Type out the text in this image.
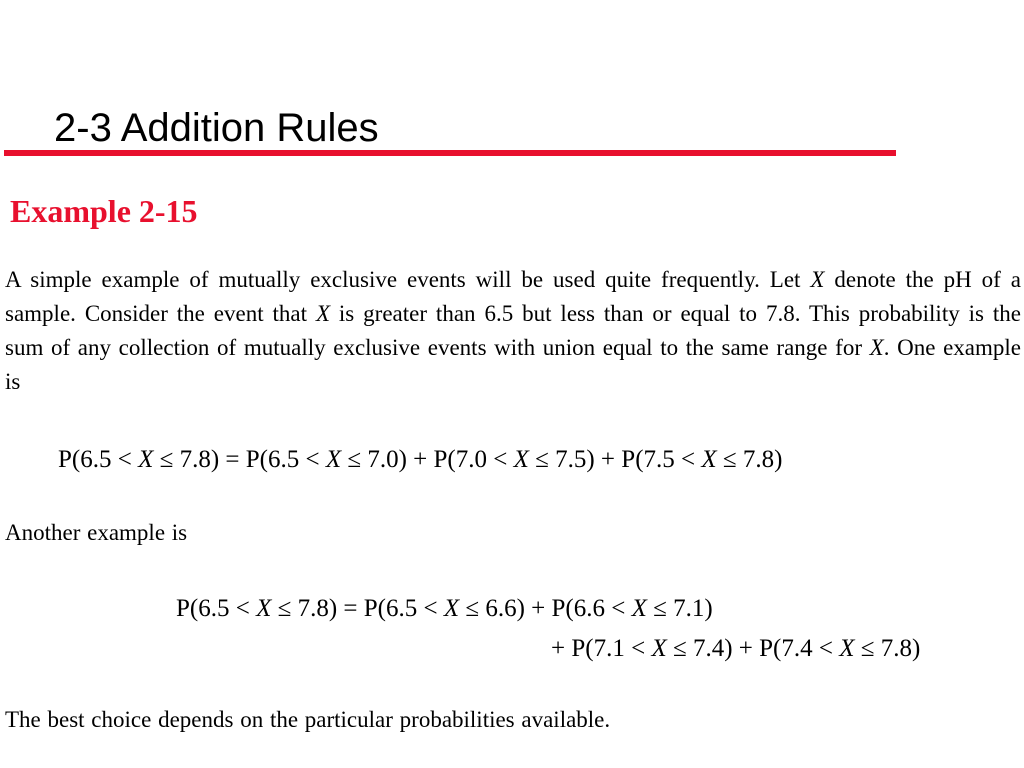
2-3 Addition Rules
Example 2-15

A simple example of mutually exclusive events will be used quite frequently. Let X denote the pH of a sample. Consider the event that X is greater than 6.5 but less than or equal to 7.8. This probability is the sum of any collection of mutually exclusive events with union equal to the same range for X. One example is

P(6.5 < X ≤ 7.8) = P(6.5 < X ≤ 7.0) + P(7.0 < X ≤ 7.5) + P(7.5 < X ≤ 7.8)

Another example is

P(6.5 < X ≤ 7.8) = P(6.5 < X ≤ 6.6) + P(6.6 < X ≤ 7.1)

+ P(7.1 < X ≤ 7.4) + P(7.4 < X ≤ 7.8)

The best choice depends on the particular probabilities available.
